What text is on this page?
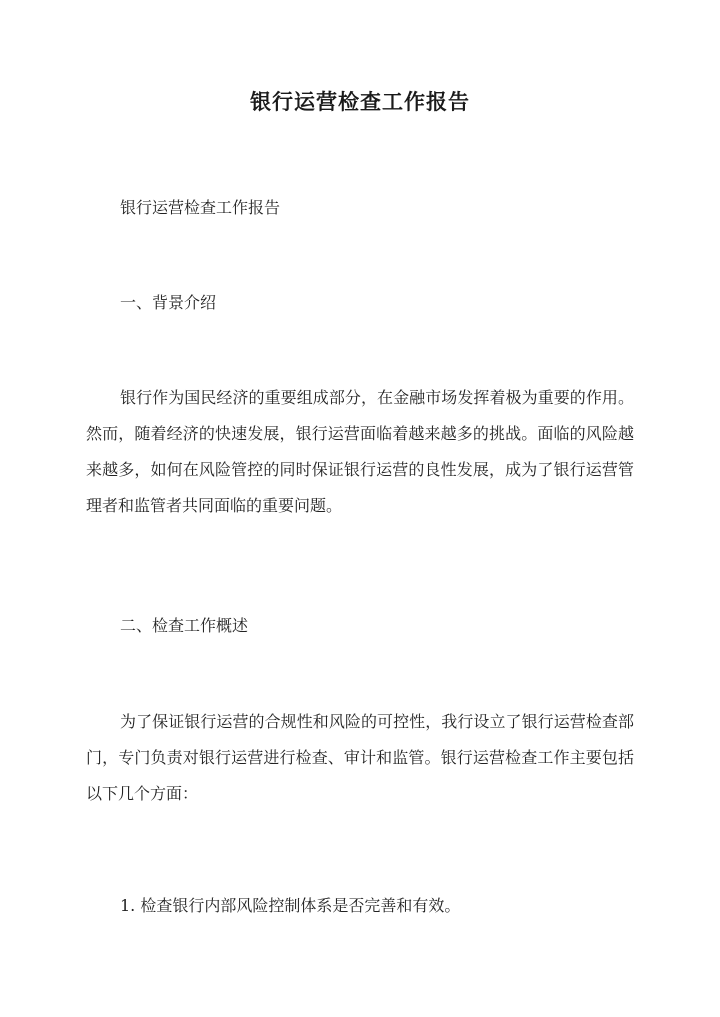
银行运营检查工作报告

银行运营检查工作报告

一、背景介绍

银行作为国民经济的重要组成部分，在金融市场发挥着极为重要的作用。然而，随着经济的快速发展，银行运营面临着越来越多的挑战。面临的风险越来越多，如何在风险管控的同时保证银行运营的良性发展，成为了银行运营管理者和监管者共同面临的重要问题。

二、检查工作概述

为了保证银行运营的合规性和风险的可控性，我行设立了银行运营检查部门，专门负责对银行运营进行检查、审计和监管。银行运营检查工作主要包括以下几个方面：

1. 检查银行内部风险控制体系是否完善和有效。
